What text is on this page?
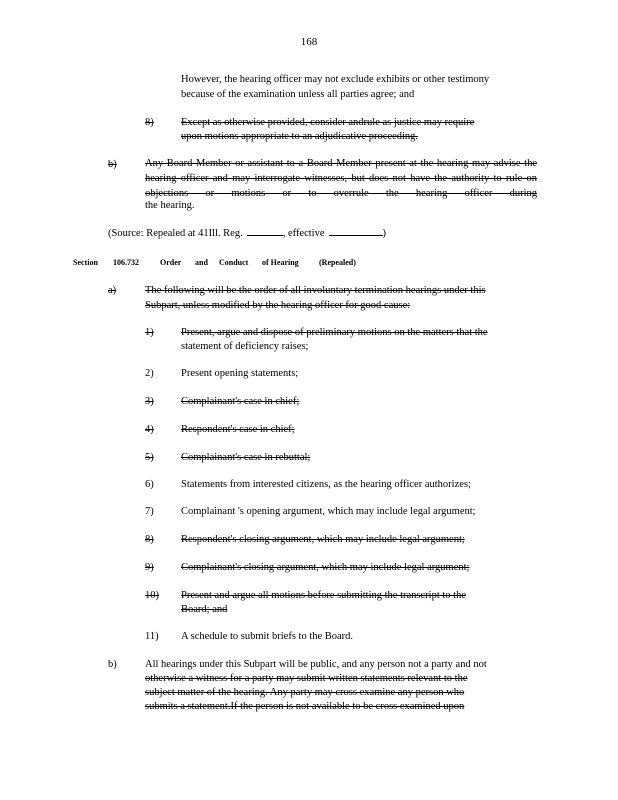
168
However, the hearing officer may not exclude exhibits or other testimony
because of the examination unless all parties agree; and
8)	Except as otherwise provided, consider andrule as justice may require
upon motions appropriate to an adjudicative proceeding.
b)	Any Board Member or assistant to a Board Member present at the hearing may advise the hearing officer and may interrogate witnesses, but does not have the authority to rule on objections or motions or to overrule the hearing officer during
the hearing.
(Source: Repealed at 41Ill. Reg.	, effective	)
Section 106.732	Order and Conduct of Hearing	(Repealed)
a)	The following will be the order of all involuntary termination hearings under this
Subpart, unless modified by the hearing officer for good cause:
1)	Present, argue and dispose of preliminary motions on the matters that the
statement of deficiency raises;
2)	Present opening statements;
3)	Complainant's case in chief;
4)	Respondent's case in chief;
5)	Complainant's case in rebuttal;
6)	Statements from interested citizens, as the hearing officer authorizes;
7)	Complainant 's opening argument, which may include legal argument;
8)	Respondent's closing argument, which may include legal argument;
9)	Complainant's closing argument, which may include legal argument;
10) Present and argue all motions before submitting the transcript to the
Board; and
11) A schedule to submit briefs to the Board.
b)	All hearings under this Subpart will be public, and any person not a party and not
otherwise a witness for a party may submit written statements relevant to the
subject matter of the hearing. Any party may cross examine any person who
submits a statement.If the person is not available to be cross examined upon
